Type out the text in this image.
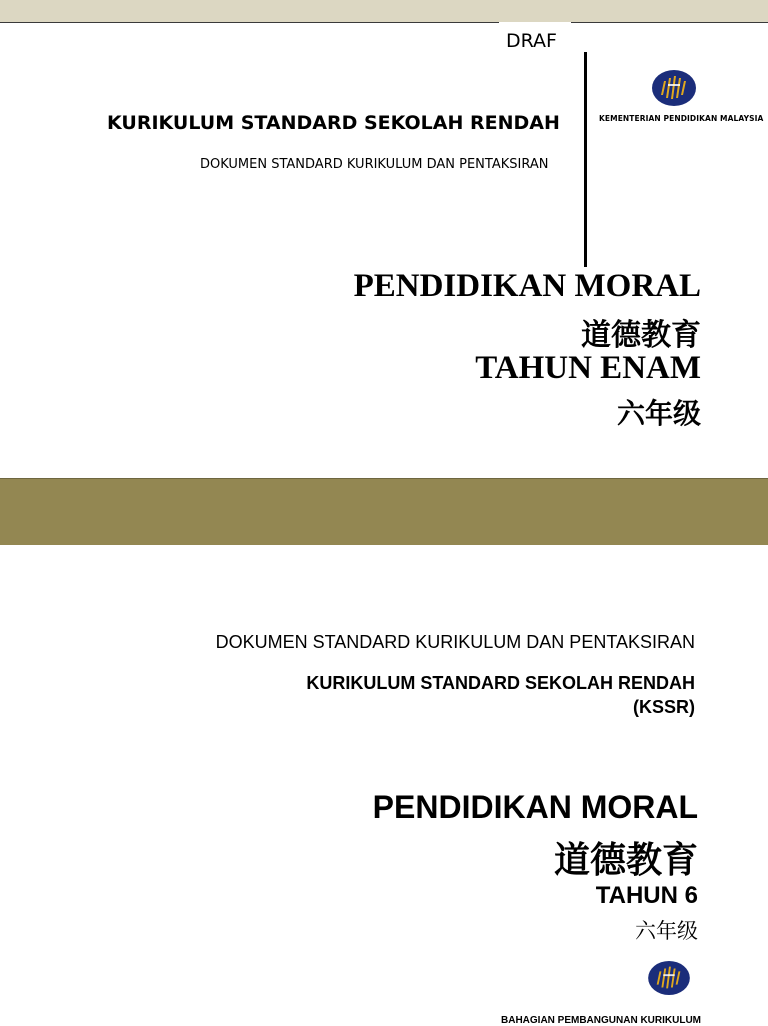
DRAF
KEMENTERIAN PENDIDIKAN MALAYSIA
KURIKULUM STANDARD SEKOLAH RENDAH
DOKUMEN STANDARD KURIKULUM DAN PENTAKSIRAN
PENDIDIKAN MORAL
道德教育
TAHUN ENAM
六年级
DOKUMEN STANDARD KURIKULUM DAN PENTAKSIRAN
KURIKULUM STANDARD SEKOLAH RENDAH
(KSSR)
PENDIDIKAN MORAL
道德教育
TAHUN 6
六年级
BAHAGIAN PEMBANGUNAN KURIKULUM
